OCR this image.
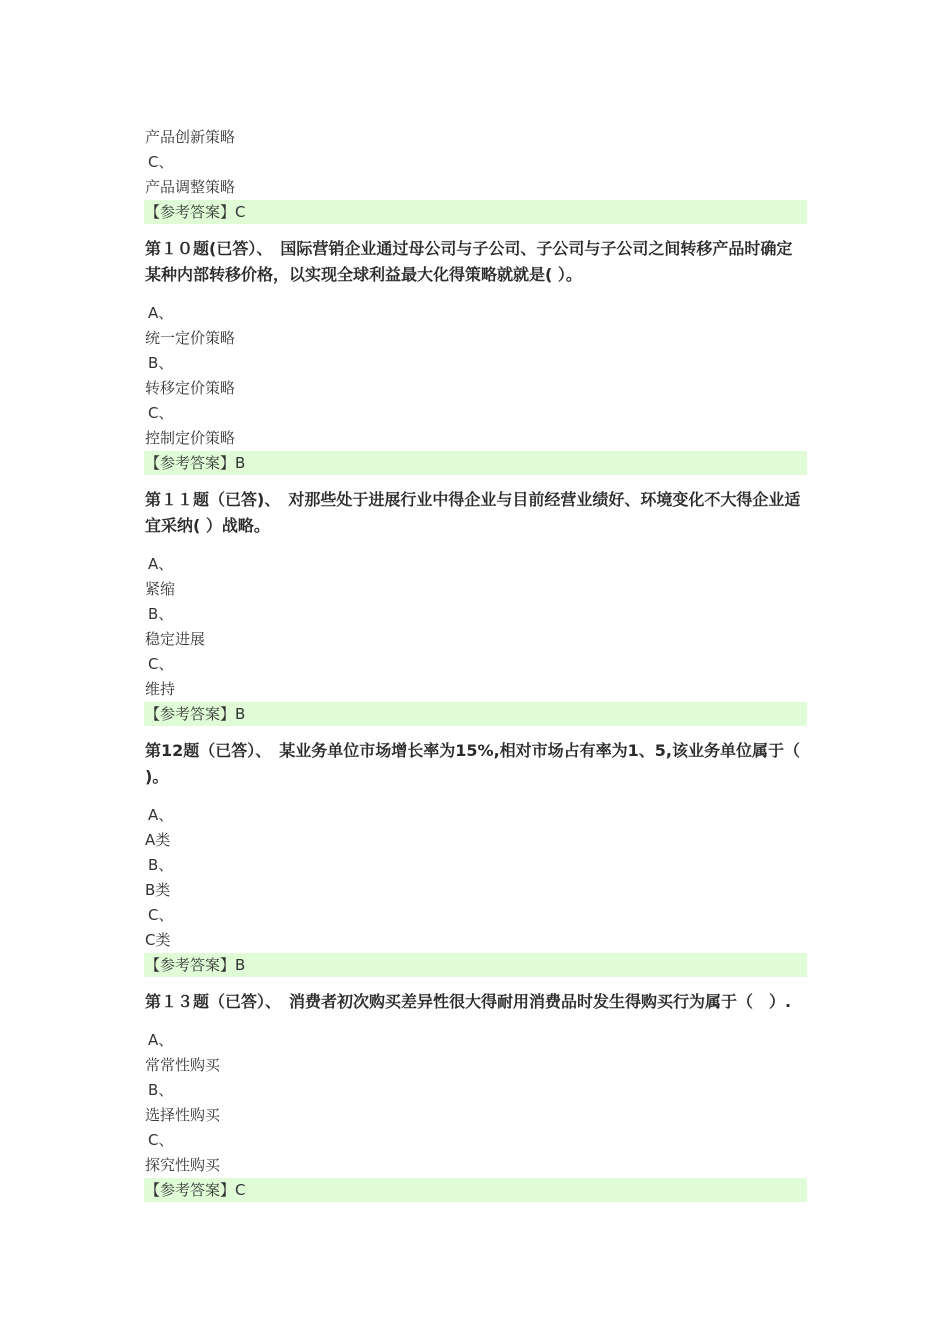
产品创新策略
C、
产品调整策略
【参考答案】C
第１０题(已答）、　国际营销企业通过母公司与子公司、子公司与子公司之间转移产品时确定某种内部转移价格，以实现全球利益最大化得策略就就是( ）。
A、
统一定价策略
B、
转移定价策略
C、
控制定价策略
【参考答案】B
第１１题（已答)、　对那些处于进展行业中得企业与目前经营业绩好、环境变化不大得企业适宜采纳( ）战略。
A、
紧缩
B、
稳定进展
C、
维持
【参考答案】B
第12题（已答）、　某业务单位市场增长率为15%,相对市场占有率为1、5,该业务单位属于（ )。
A、
A类
B、
B类
C、
C类
【参考答案】B
第１３题（已答）、　消费者初次购买差异性很大得耐用消费品时发生得购买行为属于（　）.
A、
常常性购买
B、
选择性购买
C、
探究性购买
【参考答案】C
